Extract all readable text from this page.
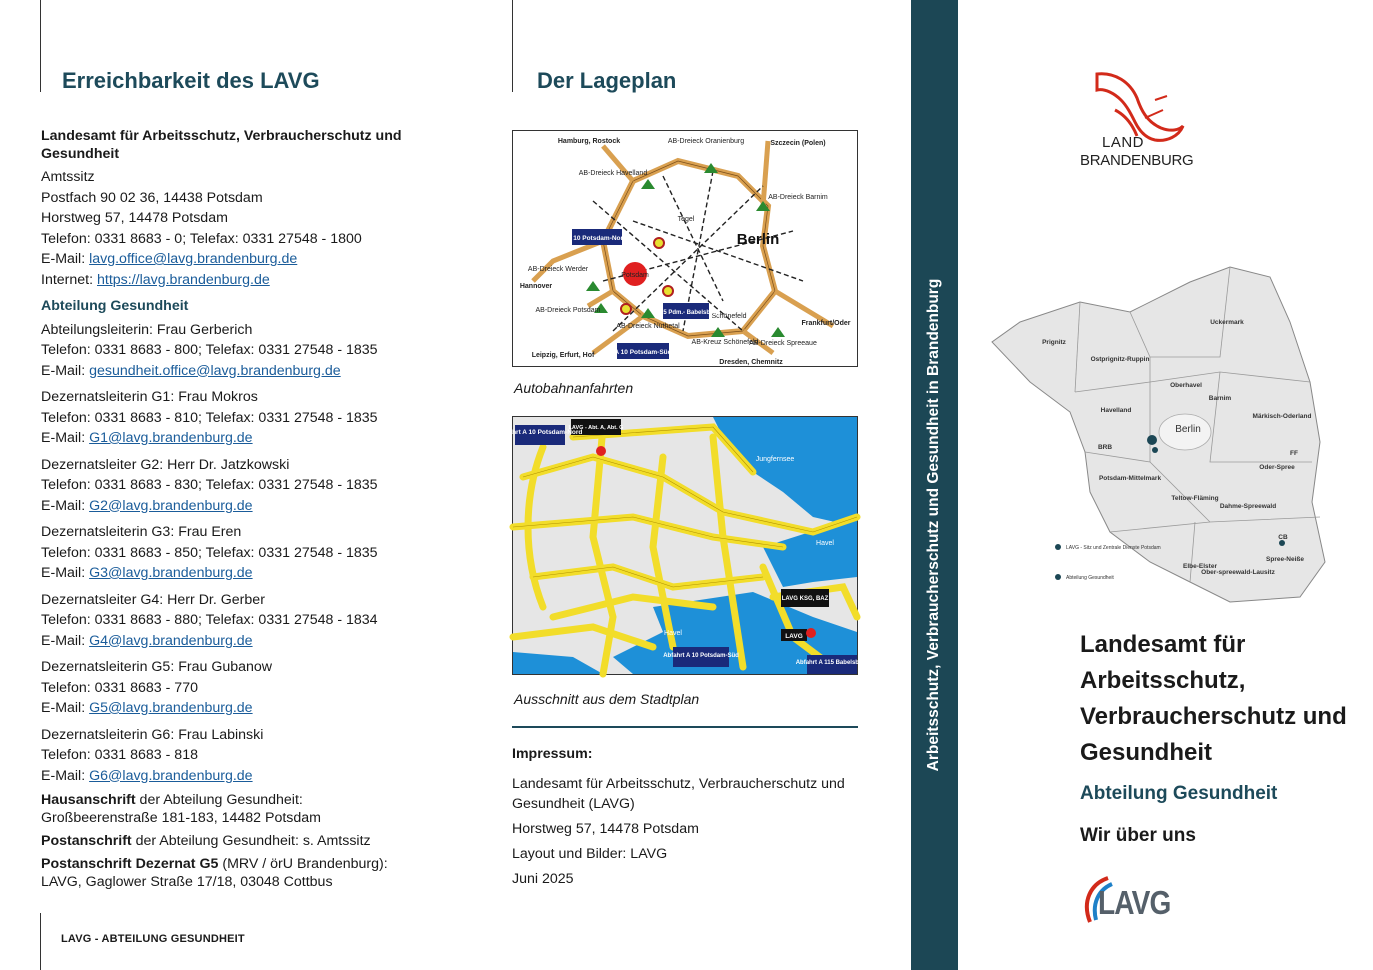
Erreichbarkeit des LAVG
Landesamt für Arbeitsschutz, Verbraucherschutz und Gesundheit
Amtssitz
Postfach 90 02 36, 14438 Potsdam
Horstweg 57, 14478 Potsdam
Telefon: 0331 8683 - 0; Telefax: 0331 27548 - 1800
E-Mail: lavg.office@lavg.brandenburg.de
Internet: https://lavg.brandenburg.de
Abteilung Gesundheit
Abteilungsleiterin: Frau Gerberich
Telefon: 0331 8683 - 800; Telefax: 0331 27548 - 1835
E-Mail: gesundheit.office@lavg.brandenburg.de
Dezernatsleiterin G1: Frau Mokros
Telefon: 0331 8683 - 810; Telefax: 0331 27548 - 1835
E-Mail: G1@lavg.brandenburg.de
Dezernatsleiter G2: Herr Dr. Jatzkowski
Telefon: 0331 8683 - 830; Telefax: 0331 27548 - 1835
E-Mail: G2@lavg.brandenburg.de
Dezernatsleiterin G3: Frau Eren
Telefon: 0331 8683 - 850; Telefax: 0331 27548 - 1835
E-Mail: G3@lavg.brandenburg.de
Dezernatsleiter G4: Herr Dr. Gerber
Telefon: 0331 8683 - 880; Telefax: 0331 27548 - 1834
E-Mail: G4@lavg.brandenburg.de
Dezernatsleiterin G5: Frau Gubanow
Telefon: 0331 8683 - 770
E-Mail: G5@lavg.brandenburg.de
Dezernatsleiterin G6: Frau Labinski
Telefon: 0331 8683 - 818
E-Mail: G6@lavg.brandenburg.de
Hausanschrift der Abteilung Gesundheit:
Großbeerenstraße 181-183, 14482 Potsdam
Postanschrift der Abteilung Gesundheit: s. Amtssitz
Postanschrift Dezernat G5 (MRV / örU Brandenburg):
LAVG, Gaglower Straße 17/18, 03048 Cottbus
LAVG - ABTEILUNG GESUNDHEIT
Der Lageplan
Hamburg, Rostock	AB-Dreieck Oranienburg	Szczecin (Polen)
AB-Dreieck Havelland
AB-Dreieck Barnim
Tegel
AB-Dreieck Werder
Hannover
AB-Dreieck Potsdam
Schönefeld
Frankfurt/Oder
AB-Dreieck Nuthetal
AB-Kreuz Schönefeld
AB-Dreieck Spreeaue
Leipzig, Erfurt, Hof
Dresden, Chemnitz
Potsdam
A 10 Potsdam-Nord
A115 Pdm.- Babelsberg
A 10 Potsdam-Süd
Berlin
Autobahnanfahrten
Abfahrt A 10 Potsdam-Nord
LAVG - Abt. A, Abt. G
LAVG KSG, BAZ
LAVG
Abfahrt A 10 Potsdam-Süd
Abfahrt A 115 Babelsberg
Jungfernsee
Havel
Havel
Ausschnitt aus dem Stadtplan

Impressum:

Landesamt für Arbeitsschutz, Verbraucherschutz und Gesundheit (LAVG)

Horstweg 57, 14478 Potsdam

Layout und Bilder: LAVG

Juni 2025

Arbeitsschutz, Verbraucherschutz und Gesundheit in Brandenburg
LAND
BRANDENBURG
Prignitz
Uckermark
Ostprignitz-Ruppin
Oberhavel
Barnim
Havelland
Märkisch-Oderland
BRB
FF
Potsdam-Mittelmark
Oder-Spree
Teltow-Fläming
Dahme-Spreewald
CB
Elbe-Elster
Spree-Neiße
Ober-spreewald-Lausitz
Berlin
LAVG - Sitz und Zentrale Dienste Potsdam
Abteilung Gesundheit
Landesamt für Arbeitsschutz, Verbraucherschutz und Gesundheit
Abteilung Gesundheit
Wir über uns
LAVG
